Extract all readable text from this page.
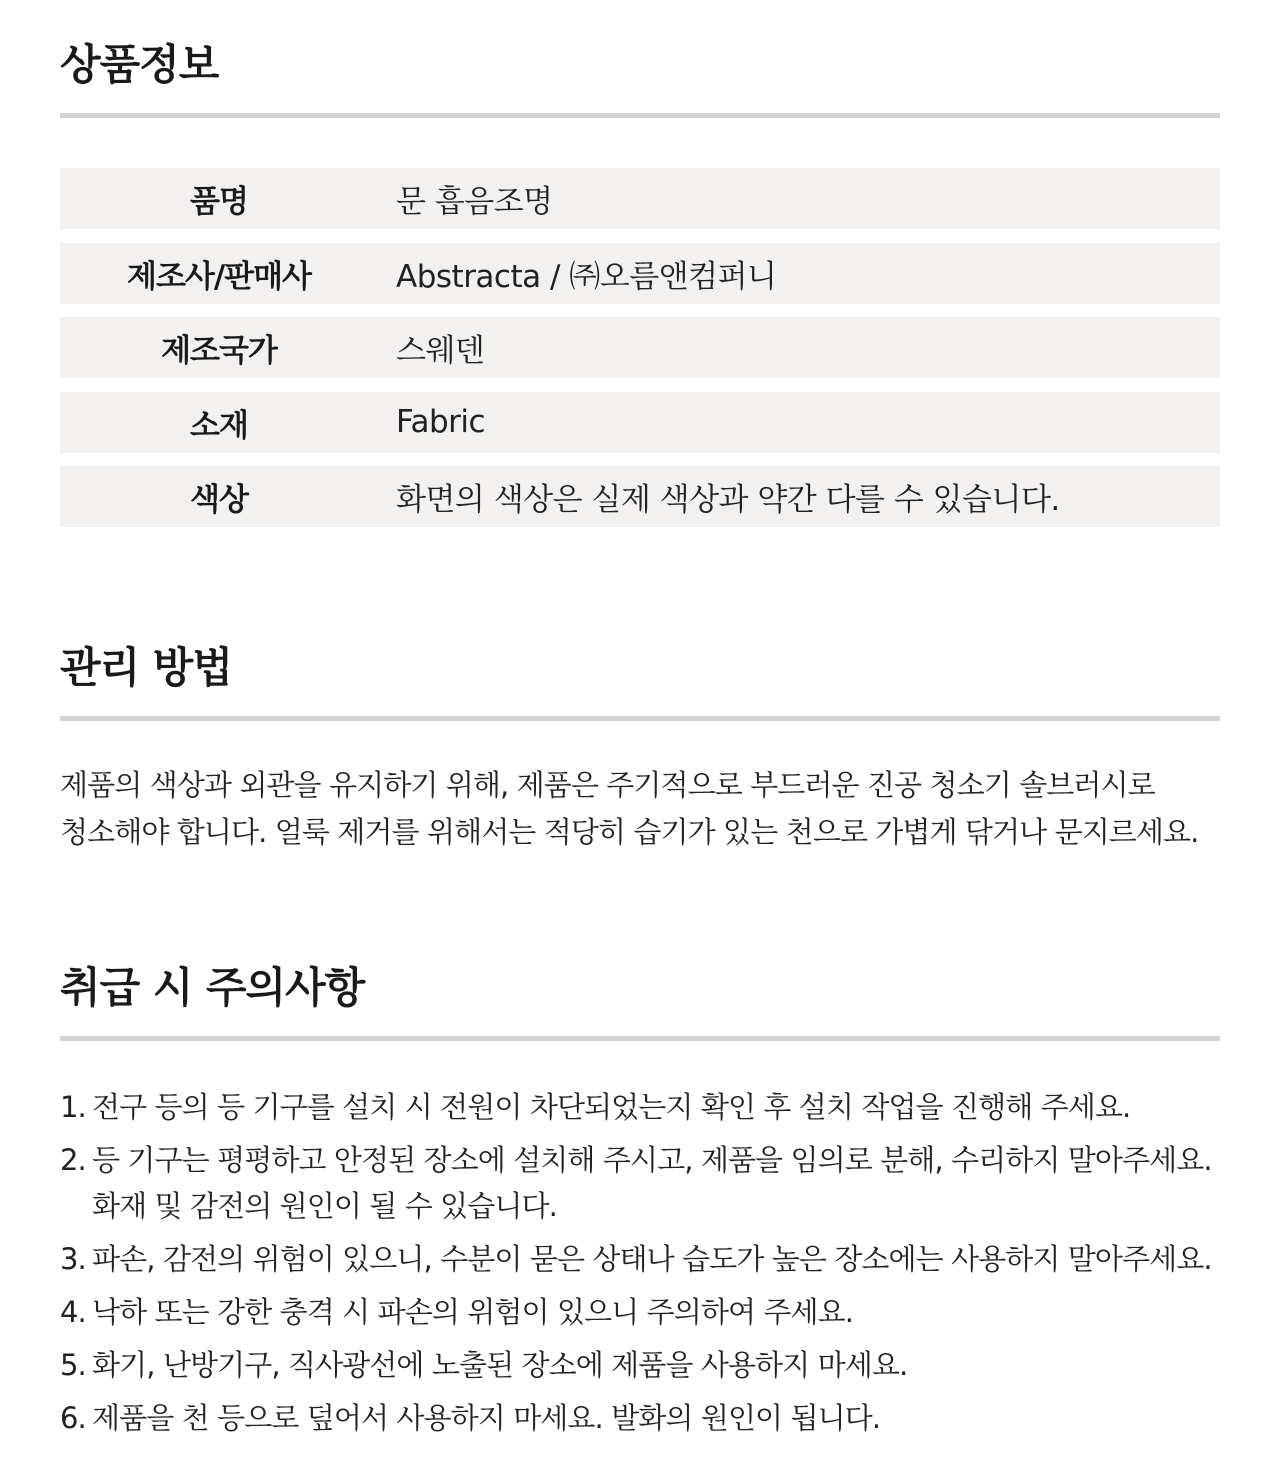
상품정보
품명	문 흡음조명
제조사/판매사	Abstracta / ㈜오름앤컴퍼니
제조국가	스웨덴
소재	Fabric
색상	화면의 색상은 실제 색상과 약간 다를 수 있습니다.
관리 방법

제품의 색상과 외관을 유지하기 위해, 제품은 주기적으로 부드러운 진공 청소기 솔브러시로
청소해야 합니다. 얼룩 제거를 위해서는 적당히 습기가 있는 천으로 가볍게 닦거나 문지르세요.

취급 시 주의사항
1. 전구 등의 등 기구를 설치 시 전원이 차단되었는지 확인 후 설치 작업을 진행해 주세요.
2. 등 기구는 평평하고 안정된 장소에 설치해 주시고, 제품을 임의로 분해, 수리하지 말아주세요.
화재 및 감전의 원인이 될 수 있습니다.
3. 파손, 감전의 위험이 있으니, 수분이 묻은 상태나 습도가 높은 장소에는 사용하지 말아주세요.
4. 낙하 또는 강한 충격 시 파손의 위험이 있으니 주의하여 주세요.
5. 화기, 난방기구, 직사광선에 노출된 장소에 제품을 사용하지 마세요.
6. 제품을 천 등으로 덮어서 사용하지 마세요. 발화의 원인이 됩니다.
